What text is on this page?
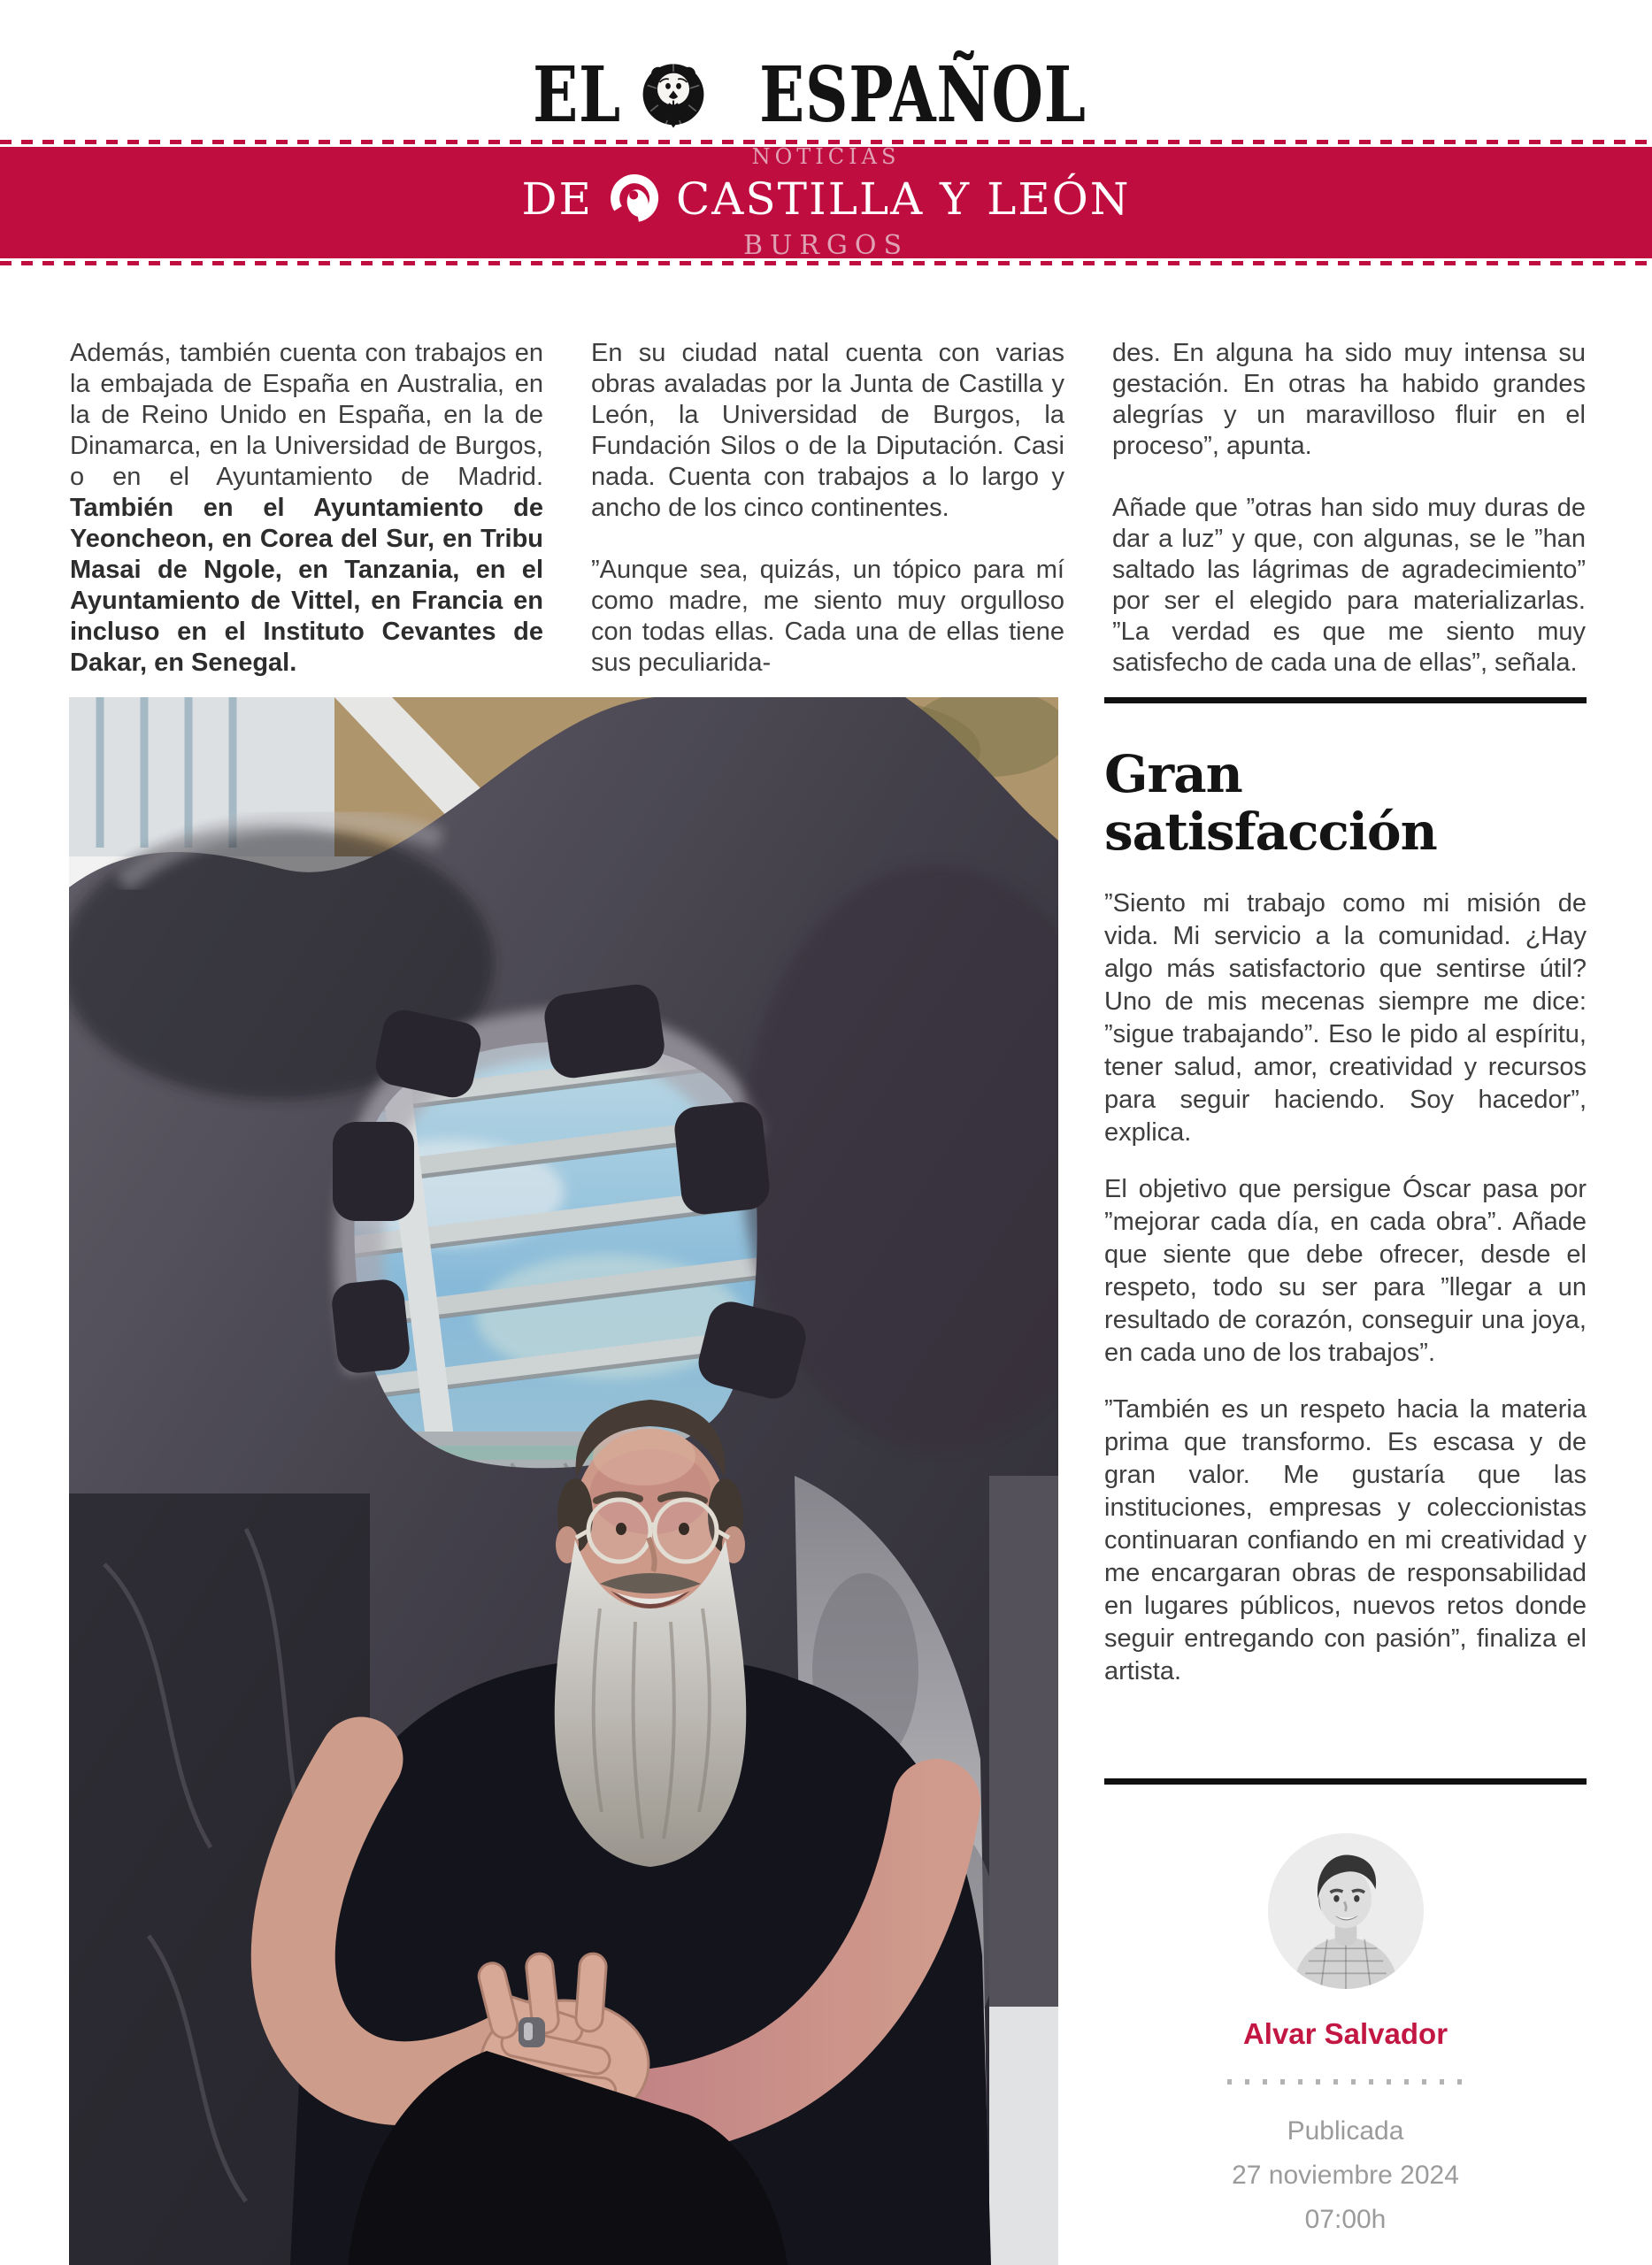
EL ESPAÑOL
NOTICIAS
DE CASTILLA Y LEÓN
BURGOS

Además, también cuenta con trabajos en la embajada de España en Australia, en la de Reino Unido en España, en la de Dinamarca, en la Universidad de Burgos, o en el Ayuntamiento de Madrid. También en el Ayuntamiento de Yeoncheon, en Corea del Sur, en Tribu Masai de Ngole, en Tanzania, en el Ayuntamiento de Vittel, en Francia en incluso en el Instituto Cevantes de Dakar, en Senegal.

En su ciudad natal cuenta con varias obras avaladas por la Junta de Castilla y León, la Universidad de Burgos, la Fundación Silos o de la Diputación. Casi nada. Cuenta con trabajos a lo largo y ancho de los cinco continentes.

”Aunque sea, quizás, un tópico para mí como madre, me siento muy orgulloso con todas ellas. Cada una de ellas tiene sus peculiarida-

des. En alguna ha sido muy intensa su gestación. En otras ha habido grandes alegrías y un maravilloso fluir en el proceso”, apunta.

Añade que ”otras han sido muy duras de dar a luz” y que, con algunas, se le ”han saltado las lágrimas de agradecimiento” por ser el elegido para materializarlas. ”La verdad es que me siento muy satisfecho de cada una de ellas”, señala.

Gran satisfacción

”Siento mi trabajo como mi misión de vida. Mi servicio a la comunidad. ¿Hay algo más satisfactorio que sentirse útil? Uno de mis mecenas siempre me dice: ”sigue trabajando”. Eso le pido al espíritu, tener salud, amor, creatividad y recursos para seguir haciendo. Soy hacedor”, explica.

El objetivo que persigue Óscar pasa por ”mejorar cada día, en cada obra”. Añade que siente que debe ofrecer, desde el respeto, todo su ser para ”llegar a un resultado de corazón, conseguir una joya, en cada uno de los trabajos”.

”También es un respeto hacia la materia prima que transformo. Es escasa y de gran valor. Me gustaría que las instituciones, empresas y coleccionistas continuaran confiando en mi creatividad y me encargaran obras de responsabilidad en lugares públicos, nuevos retos donde seguir entregando con pasión”, finaliza el artista.

Alvar Salvador
Publicada
27 noviembre 2024
07:00h
